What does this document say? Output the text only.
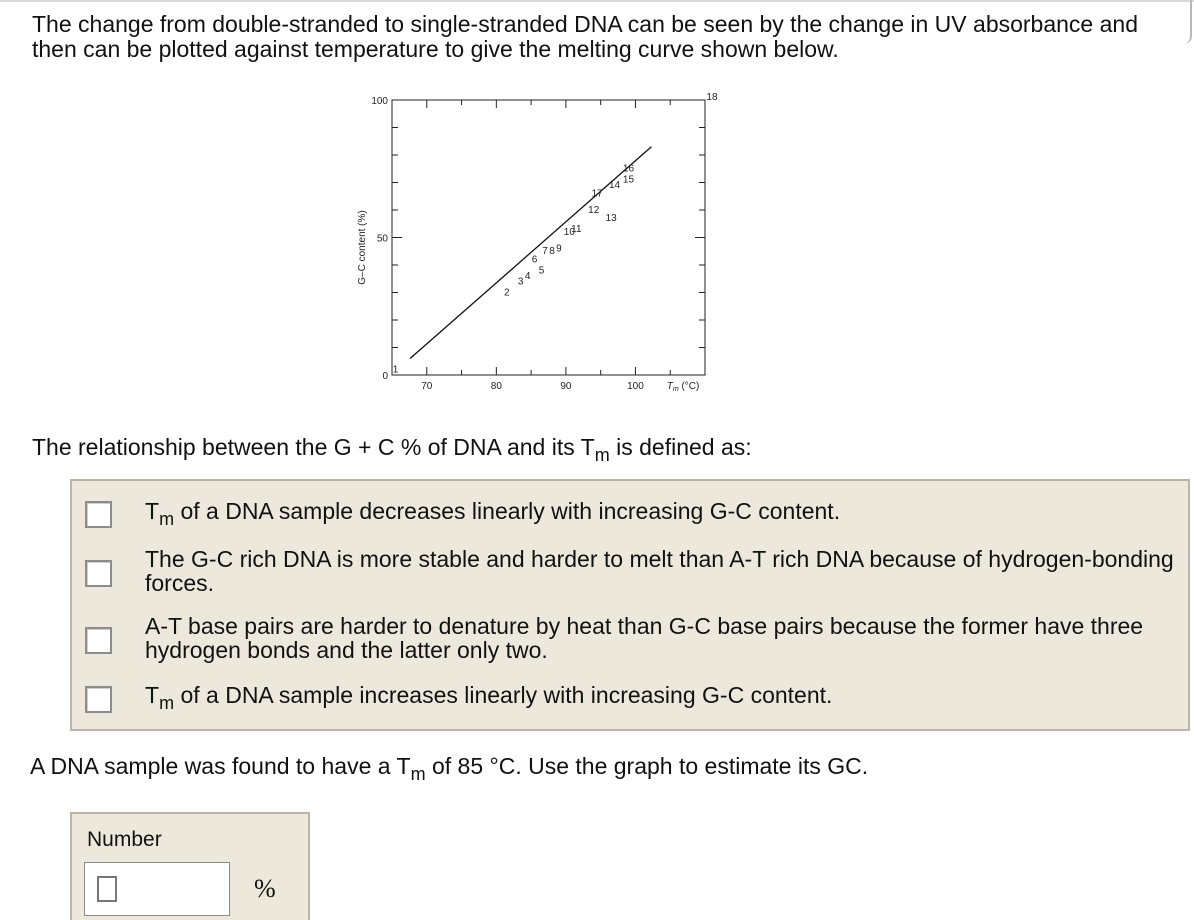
The change from double-stranded to single-stranded DNA can be seen by the change in UV absorbance and then can be plotted against temperature to give the melting curve shown below.
0
50
100
70	80	90	100 $T_m$ (°C)
G–C content (%)
1
2
3 4 5
6
7 8 9
10
11
12
13
14 15
16
17
18
The relationship between the G + C % of DNA and its $T_m$ is defined as:
$T_m$ of a DNA sample decreases linearly with increasing G-C content.
The G-C rich DNA is more stable and harder to melt than A-T rich DNA because of hydrogen-bonding forces.
A-T base pairs are harder to denature by heat than G-C base pairs because the former have three hydrogen bonds and the latter only two.
$T_m$ of a DNA sample increases linearly with increasing G-C content.
A DNA sample was found to have a $T_m$ of 85 °C. Use the graph to estimate its GC.
Number
%
